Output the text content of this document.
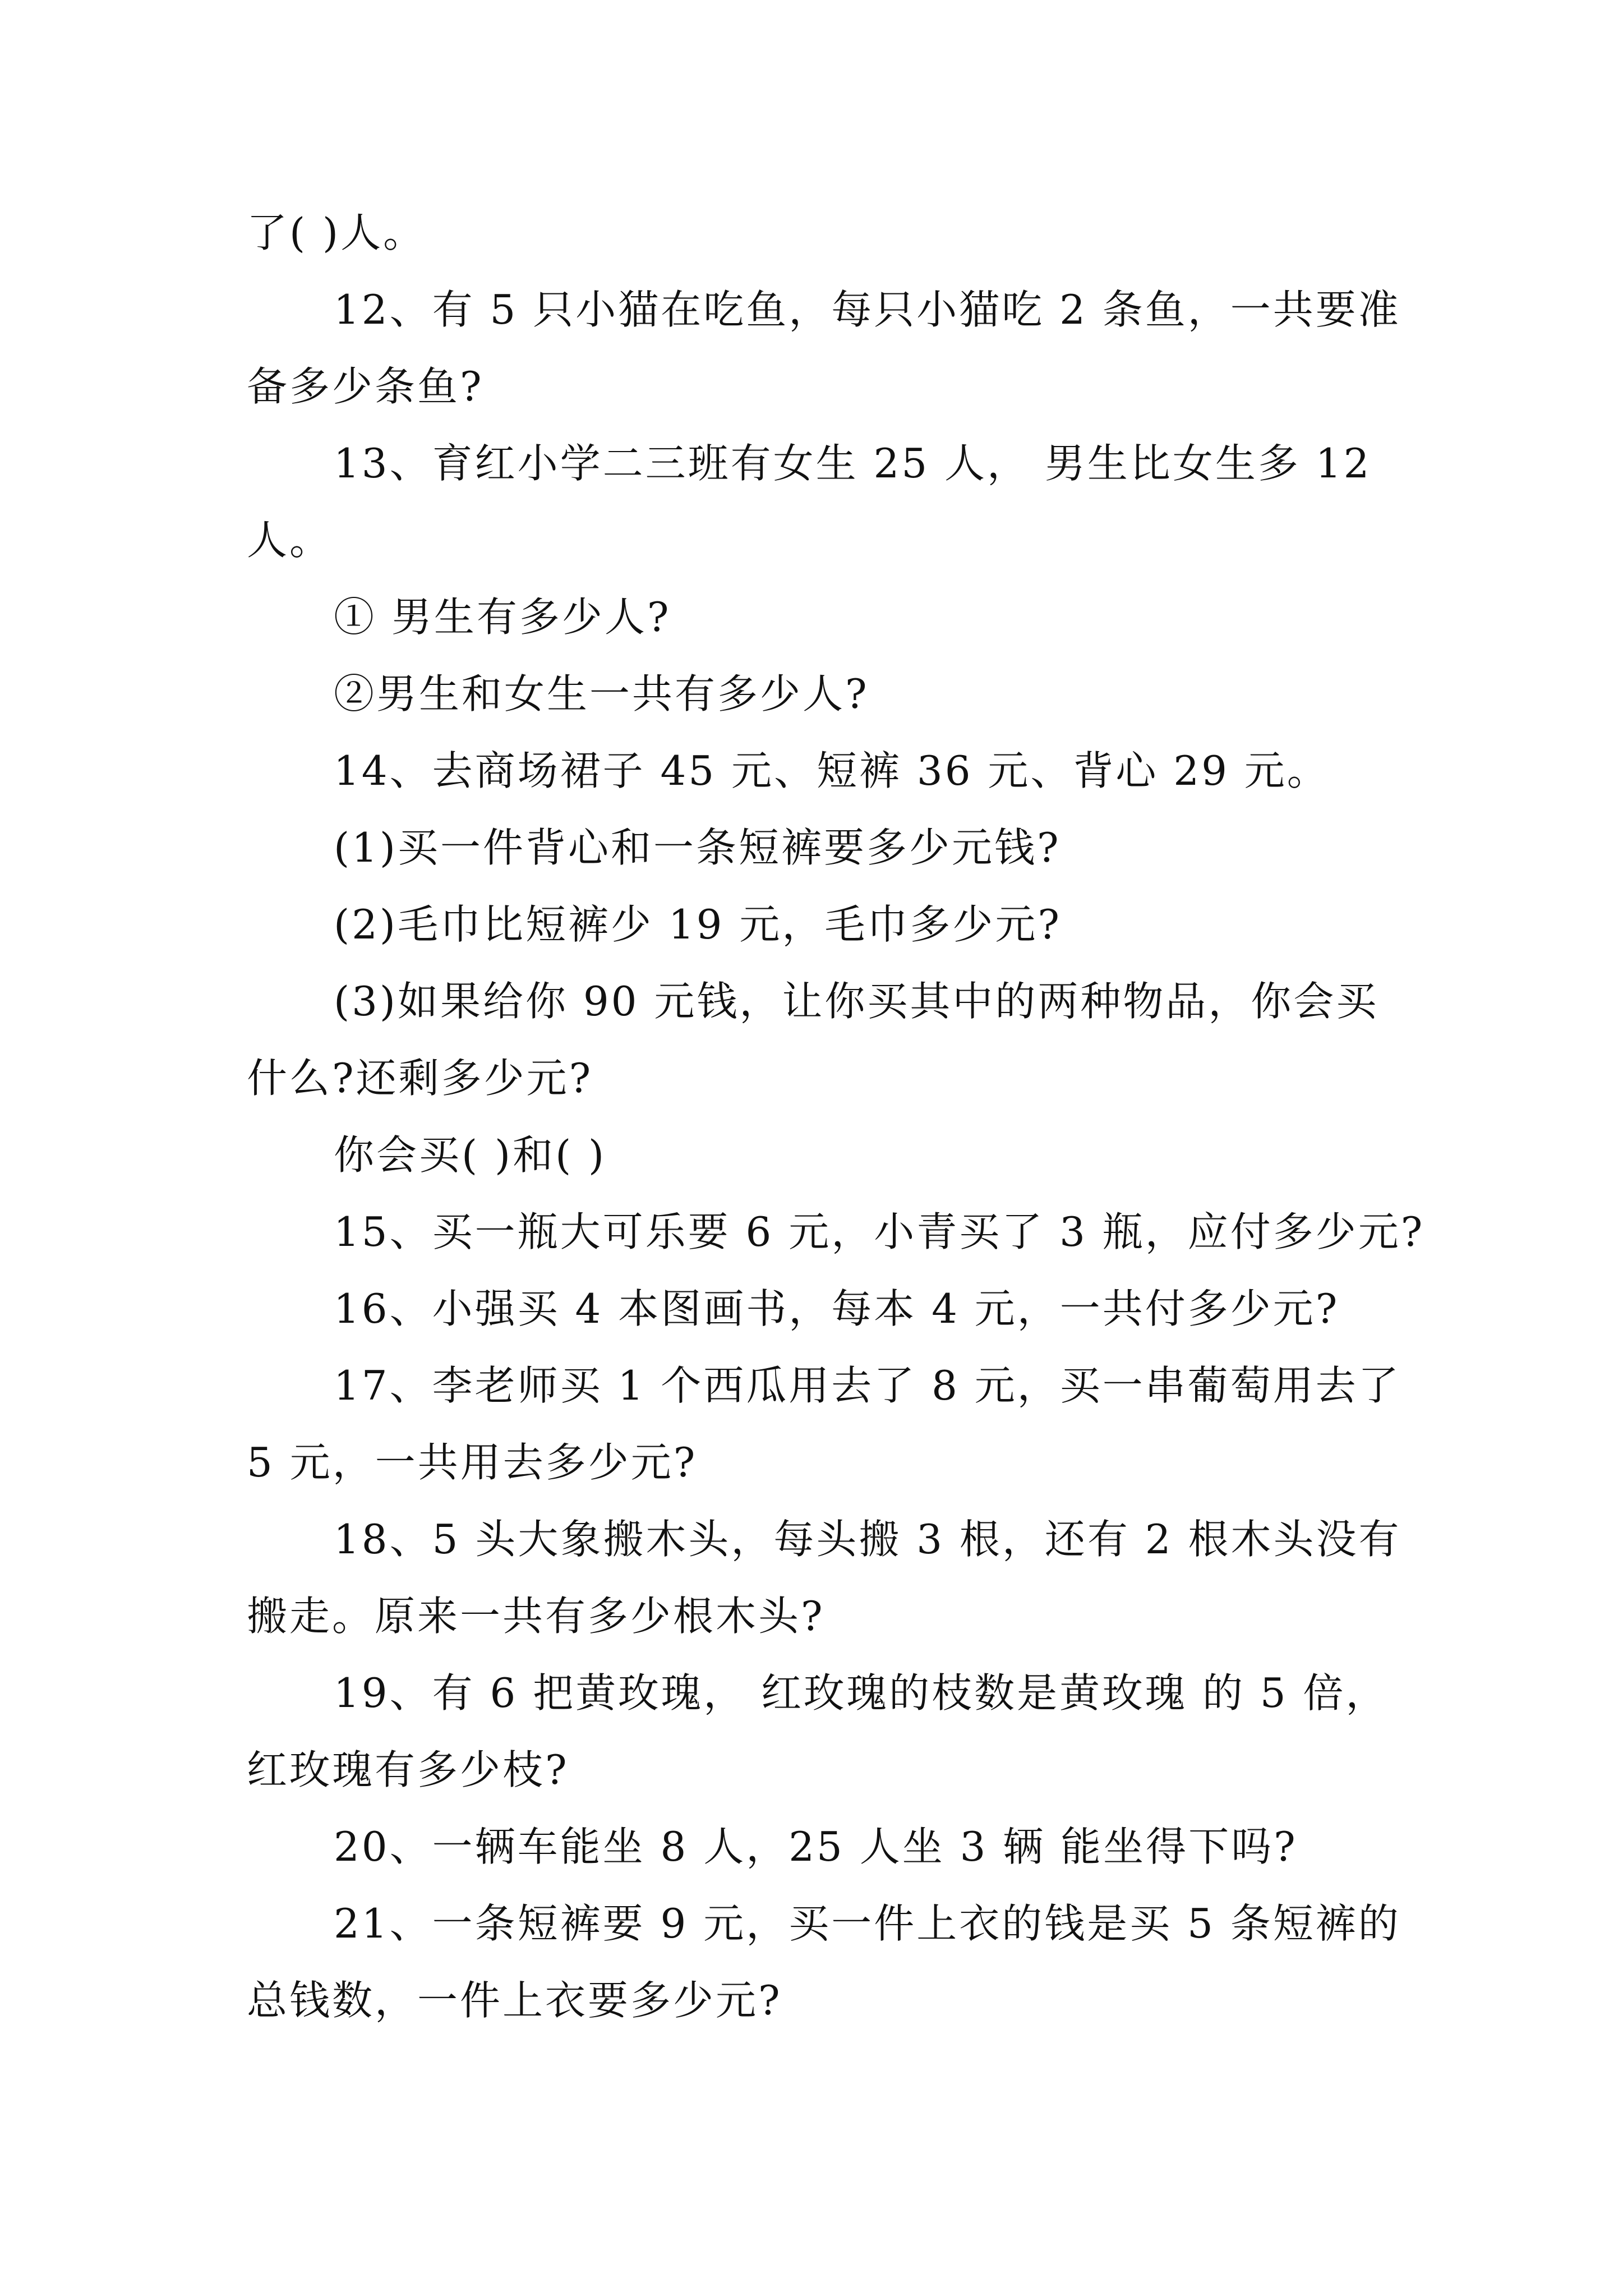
了( )人。
12、有 5 只小猫在吃鱼，每只小猫吃 2 条鱼，一共要准
备多少条鱼?
13、育红小学二三班有女生 25 人， 男生比女生多 12
人。
① 男生有多少人?
②男生和女生一共有多少人?
14、去商场裙子 45 元、短裤 36 元、背心 29 元。
(1)买一件背心和一条短裤要多少元钱?
(2)毛巾比短裤少 19 元，毛巾多少元?
(3)如果给你 90 元钱，让你买其中的两种物品，你会买
什么?还剩多少元?
你会买( )和( )
15、买一瓶大可乐要 6 元，小青买了 3 瓶，应付多少元?
16、小强买 4 本图画书，每本 4 元，一共付多少元?
17、李老师买 1 个西瓜用去了 8 元，买一串葡萄用去了
5 元，一共用去多少元?
18、5 头大象搬木头，每头搬 3 根，还有 2 根木头没有
搬走。原来一共有多少根木头?
19、有 6 把黄玫瑰， 红玫瑰的枝数是黄玫瑰 的 5 倍，
红玫瑰有多少枝?
20、一辆车能坐 8 人，25 人坐 3 辆 能坐得下吗?
21、一条短裤要 9 元，买一件上衣的钱是买 5 条短裤的
总钱数，一件上衣要多少元?
